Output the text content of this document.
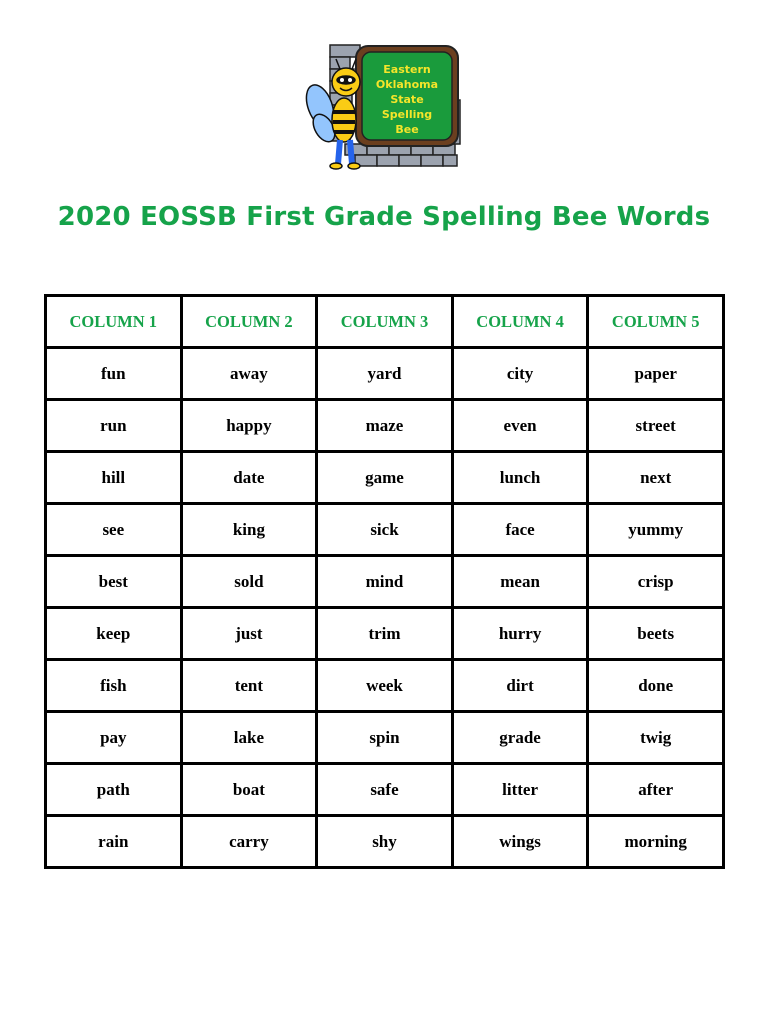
Eastern
Oklahoma
State
Spelling
Bee
2020 EOSSB First Grade Spelling Bee Words
COLUMN 1	COLUMN 2	COLUMN 3	COLUMN 4	COLUMN 5
fun	away	yard	city	paper
run	happy	maze	even	street
hill	date	game	lunch	next
see	king	sick	face	yummy
best	sold	mind	mean	crisp
keep	just	trim	hurry	beets
fish	tent	week	dirt	done
pay	lake	spin	grade	twig
path	boat	safe	litter	after
rain	carry	shy	wings	morning
